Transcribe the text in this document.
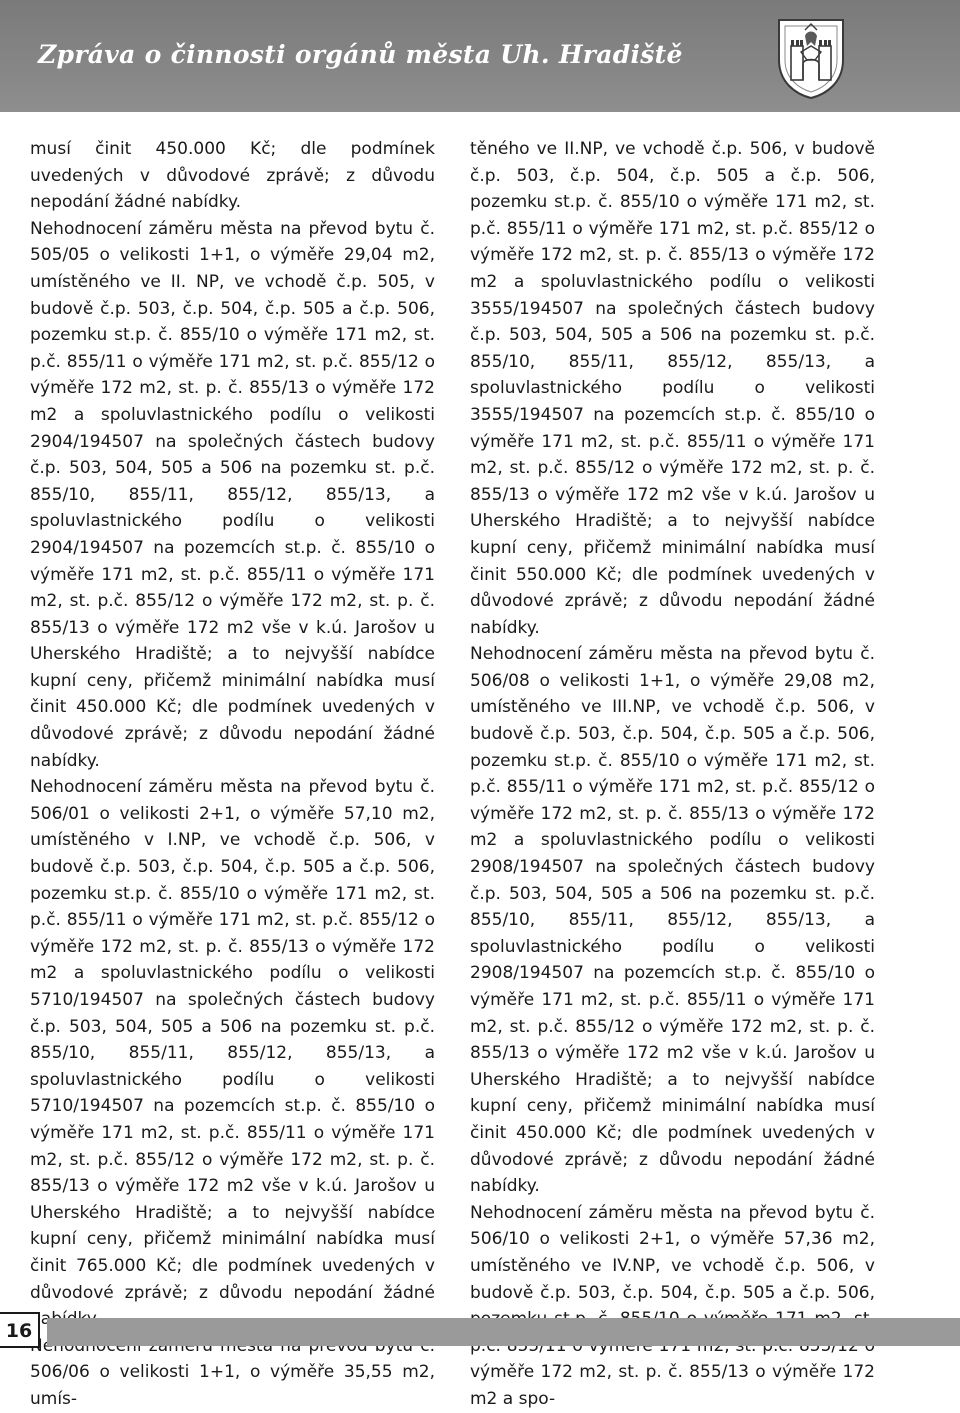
Zpráva o činnosti orgánů města Uh. Hradiště

musí činit 450.000 Kč; dle podmínek uvedených v důvodové zprávě; z důvodu nepodání žádné nabídky.

Nehodnocení záměru města na převod bytu č. 505/05 o velikosti 1+1, o výměře 29,04 m2, umístěného ve II. NP, ve vchodě č.p. 505, v budově č.p. 503, č.p. 504, č.p. 505 a č.p. 506, pozemku st.p. č. 855/10 o výměře 171 m2, st. p.č. 855/11 o výměře 171 m2, st. p.č. 855/12 o výměře 172 m2, st. p. č. 855/13 o výměře 172 m2 a spoluvlastnického podílu o velikosti 2904/194507 na společných částech budovy č.p. 503, 504, 505 a 506 na pozemku st. p.č. 855/10, 855/11, 855/12, 855/13, a spoluvlastnického podílu o velikosti 2904/194507 na pozemcích st.p. č. 855/10 o výměře 171 m2, st. p.č. 855/11 o výměře 171 m2, st. p.č. 855/12 o výměře 172 m2, st. p. č. 855/13 o výměře 172 m2 vše v k.ú. Jarošov u Uherského Hradiště; a to nejvyšší nabídce kupní ceny, přičemž minimální nabídka musí činit 450.000 Kč; dle podmínek uvedených v důvodové zprávě; z důvodu nepodání žádné nabídky.

Nehodnocení záměru města na převod bytu č. 506/01 o velikosti 2+1, o výměře 57,10 m2, umístěného v I.NP, ve vchodě č.p. 506, v budově č.p. 503, č.p. 504, č.p. 505 a č.p. 506, pozemku st.p. č. 855/10 o výměře 171 m2, st. p.č. 855/11 o výměře 171 m2, st. p.č. 855/12 o výměře 172 m2, st. p. č. 855/13 o výměře 172 m2 a spoluvlastnického podílu o velikosti 5710/194507 na společných částech budovy č.p. 503, 504, 505 a 506 na pozemku st. p.č. 855/10, 855/11, 855/12, 855/13, a spoluvlastnického podílu o velikosti 5710/194507 na pozemcích st.p. č. 855/10 o výměře 171 m2, st. p.č. 855/11 o výměře 171 m2, st. p.č. 855/12 o výměře 172 m2, st. p. č. 855/13 o výměře 172 m2 vše v k.ú. Jarošov u Uherského Hradiště; a to nejvyšší nabídce kupní ceny, přičemž minimální nabídka musí činit 765.000 Kč; dle podmínek uvedených v důvodové zprávě; z důvodu nepodání žádné

506/06 o velikosti 1+1, o výměře 35,55 m2, umís-

těného ve II.NP, ve vchodě č.p. 506, v budově č.p. 503, č.p. 504, č.p. 505 a č.p. 506, pozemku st.p. č. 855/10 o výměře 171 m2, st. p.č. 855/11 o výměře 171 m2, st. p.č. 855/12 o výměře 172 m2, st. p. č. 855/13 o výměře 172 m2 a spoluvlastnického podílu o velikosti 3555/194507 na společných částech budovy č.p. 503, 504, 505 a 506 na pozemku st. p.č. 855/10, 855/11, 855/12, 855/13, a spoluvlastnického podílu o velikosti 3555/194507 na pozemcích st.p. č. 855/10 o výměře 171 m2, st. p.č. 855/11 o výměře 171 m2, st. p.č. 855/12 o výměře 172 m2, st. p. č. 855/13 o výměře 172 m2 vše v k.ú. Jarošov u Uherského Hradiště; a to nejvyšší nabídce kupní ceny, přičemž minimální nabídka musí činit 550.000 Kč; dle podmínek uvedených v důvodové zprávě; z důvodu nepodání žádné nabídky.

Nehodnocení záměru města na převod bytu č. 506/08 o velikosti 1+1, o výměře 29,08 m2, umístěného ve III.NP, ve vchodě č.p. 506, v budově č.p. 503, č.p. 504, č.p. 505 a č.p. 506, pozemku st.p. č. 855/10 o výměře 171 m2, st. p.č. 855/11 o výměře 171 m2, st. p.č. 855/12 o výměře 172 m2, st. p. č. 855/13 o výměře 172 m2 a spoluvlastnického podílu o velikosti 2908/194507 na společných částech budovy č.p. 503, 504, 505 a 506 na pozemku st. p.č. 855/10, 855/11, 855/12, 855/13, a spoluvlastnického podílu o velikosti 2908/194507 na pozemcích st.p. č. 855/10 o výměře 171 m2, st. p.č. 855/11 o výměře 171 m2, st. p.č. 855/12 o výměře 172 m2, st. p. č. 855/13 o výměře 172 m2 vše v k.ú. Jarošov u Uherského Hradiště; a to nejvyšší nabídce kupní ceny, přičemž minimální nabídka musí činit 450.000 Kč; dle podmínek uvedených v důvodové zprávě; z důvodu nepodání žádné nabídky.

Nehodnocení záměru města na převod bytu č. 506/10 o velikosti 2+1, o výměře 57,36 m2, umístěného ve IV.NP, ve vchodě č.p. 506, v budově č.p. 503, č.p. 504, č.p. 505 a č.p. 506, výměře 172 m2, st. p. č. 855/13 o výměře 172 m2 a spo-

16
